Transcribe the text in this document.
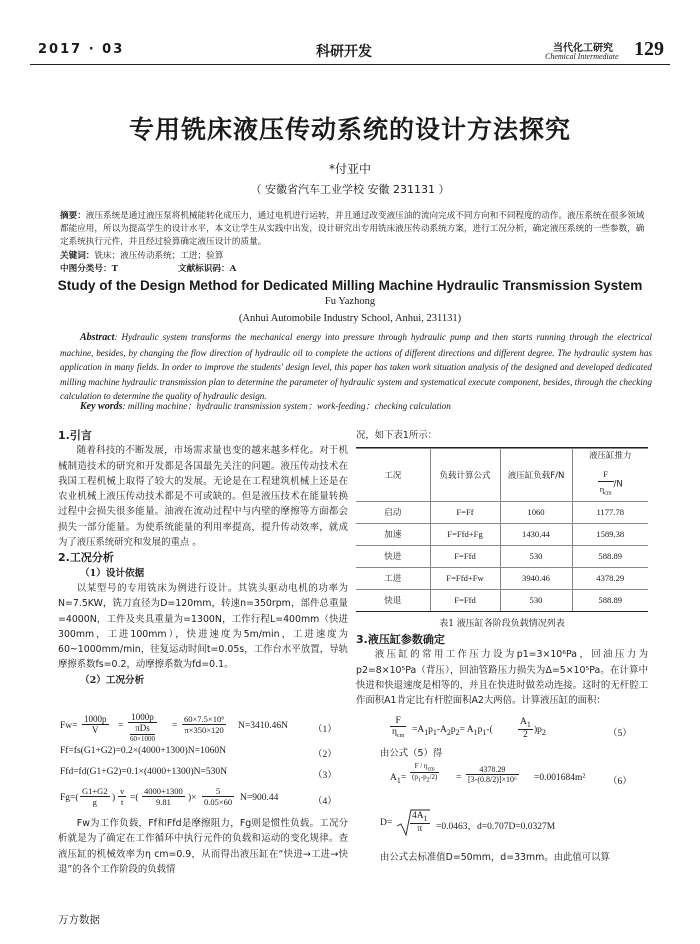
2017 · 03	科研开发	当代化工研究
Chemical Intermediate 129
专用铣床液压传动系统的设计方法探究
*付亚中
（ 安徽省汽车工业学校 安徽 231131 ）
摘要：液压系统是通过液压泵将机械能转化成压力，通过电机进行运转，并且通过改变液压油的流向完成不同方向和不同程度的动作。液压系统在很多领域都能应用，所以为提高学生的设计水平，本文让学生从实践中出发，设计研究出专用铣床液压传动系统方案，进行工况分析，确定液压系统的一些参数，确定系统执行元件，并且经过验算确定液压设计的质量。
关键词：铣床；液压传动系统；工进；验算
中图分类号：T	文献标识码：A
Study of the Design Method for Dedicated Milling Machine Hydraulic Transmission System
Fu Yazhong
(Anhui Automobile Industry School, Anhui, 231131)
Abstract: Hydraulic system transforms the mechanical energy into pressure through hydraulic pump and then starts running through the electrical machine, besides, by changing the flow direction of hydraulic oil to complete the actions of different directions and different degree. The hydraulic system has application in many fields. In order to improve the students' design level, this paper has taken work situation analysis of the designed and developed dedicated milling machine hydraulic transmission plan to determine the parameter of hydraulic system and systematical execute component, besides, through the checking calculation to determine the quality of hydraulic design.
Key words: milling machine；hydraulic transmission system；work-feeding；checking calculation
1.引言
随着科技的不断发展，市场需求量也变的越来越多样化。对于机械制造技术的研究和开发都是各国最先关注的问题。液压传动技术在我国工程机械上取得了较大的发展。无论是在工程建筑机械上还是在农业机械上液压传动技术都是不可或缺的。但是液压技术在能量转换过程中会损失很多能量。油液在流动过程中与内壁的摩擦等方面都会损失一部分能量。为使系统能量的利用率提高，提升传动效率，就成为了液压系统研究和发展的重点 。
2.工况分析
（1）设计依据
以某型号的专用铣床为例进行设计。其铣头驱动电机的功率为N=7.5KW，铣刀直径为D=120mm，转速n=350rpm，部件总重量=4000N，工件及夹具重量为=1300N，工作行程L=400mm（快进300mm，工进100mm），快进速度为5m/min，工进速度为60~1000mm/min，往复运动时间t=0.05s，工作台水平放置，导轨摩擦系数fs=0.2，动摩擦系数为fd=0.1。
（2）工况分析
$Fw= \frac{1000p}{V}$ =
1000p
πDs
60×1000
= $\frac{\text{60×7.5×10⁶}}{\pi\times 350\times 120} N=3410.46N$	（1）
Ff=fs(G1+G2)=0.2×(4000+1300)N=1060N	（2）
Ffd=fd(G1+G2)=0.1×(4000+1300)N=530N	（3）
$Fg=( \frac{G1+G2}{g}$ ) $\frac{v}{t}$ =( $\frac{4000+1300}{9.81}$ )× $\frac{5}{0.05\times 60} N=900.44$	（4）
Fw为工作负载，Ff和Ffd是摩擦阻力，Fg则是惯性负载。工况分析就是为了确定在工作循环中执行元件的负载和运动的变化规律。查液压缸的机械效率为η cm=0.9，从而得出液压缸在“快进→工进→快退”的各个工作阶段的负载情
况，如下表1所示：
工况	负载计算公式	液压缸负载F/N	液压缸推力
$\frac{F}{\eta_{cm}} /N$

启动	F=Ff	1060	1177.78
加速	F=Ffd+Fg	1430.44	1589.38
快进	F=Ffd	530	588.89
工进	F=Ffd+Fw	3940.46	4378.29
快退	F=Ffd	530	588.89
表1 液压缸各阶段负载情况列表
3.液压缸参数确定
液压缸的常用工作压力设为p1=3×10⁶Pa，回油压力为p2=8×10⁵Pa（背压），回油管路压力损失为Δ=5×10⁵Pa。在计算中快进和快退速度是相等的，并且在快进时做差动连接。这时的无杆腔工作面积A1肯定比有杆腔面积A2大两倍。计算液压缸的面积：
F
$\eta_{cm}$
$=A_1p_1-A_2p_2= A_1p_1-$(	$\frac{A_1}{2} )p_2$	（5）
由公式（5）得
$A_1=$
F / $\eta_{cm}$
$(p_1-p_2/2) = \frac{4378.29}{\text{[3-(0.8/2)]×10⁶}} =0.001684m^2$ （6）
$D= \frac{4A_1}{\pi} =0.0463$，d=0.707D=0.0327M
由公式去标准值D=50mm，d=33mm。由此值可以算
万方数据
